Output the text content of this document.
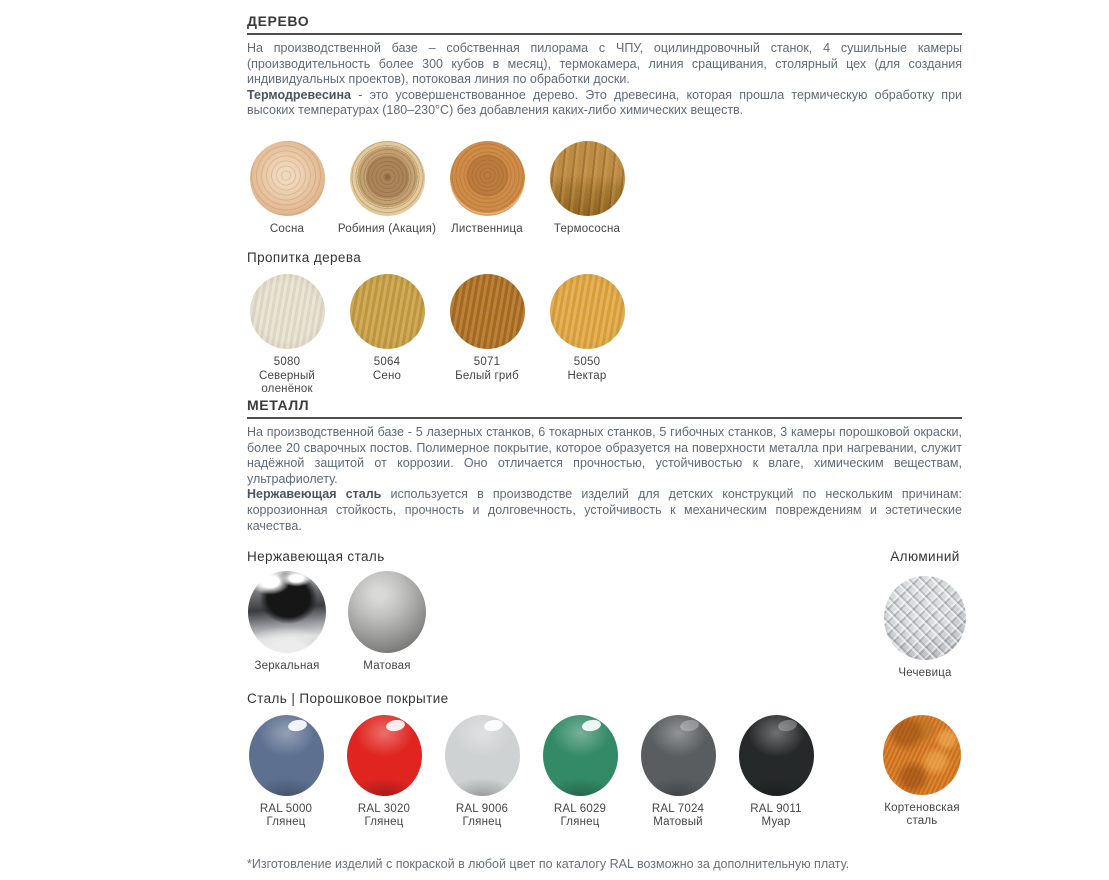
ДЕРЕВО

На производственной базе – собственная пилорама с ЧПУ, оцилиндровочный станок, 4 сушильные камеры (производительность более 300 кубов в месяц), термокамера, линия сращивания, столярный цех (для создания индивидуальных проектов), потоковая линия по обработки доски.

Термодревесина - это усовершенствованное дерево. Это древесина, которая прошла термическую обработку при высоких температурах (180–230°С) без добавления каких-либо химических веществ.

Сосна	Робиния (Акация)	Лиственница	Термососна
Пропитка дерева
5080
Северный оленёнок
5064
Сено
5071
Белый гриб
5050
Нектар
МЕТАЛЛ

На производственной базе - 5 лазерных станков, 6 токарных станков, 5 гибочных станков, 3 камеры порошковой окраски, более 20 сварочных постов. Полимерное покрытие, которое образуется на поверхности металла при нагревании, служит надёжной защитой от коррозии. Оно отличается прочностью, устойчивостью к влаге, химическим веществам, ультрафиолету.

Нержавеющая сталь используется в производстве изделий для детских конструкций по нескольким причинам: коррозионная стойкость, прочность и долговечность, устойчивость к механическим повреждениям и эстетические качества.

Нержавеющая сталь
Зеркальная	Матовая
Алюминий
Чечевица
Сталь | Порошковое покрытие
RAL 5000
Глянец
RAL 3020
Глянец
RAL 9006
Глянец
RAL 6029
Глянец
RAL 7024
Матовый
RAL 9011
Муар
Кортеновская сталь

*Изготовление изделий с покраской в любой цвет по каталогу RAL возможно за дополнительную плату.
